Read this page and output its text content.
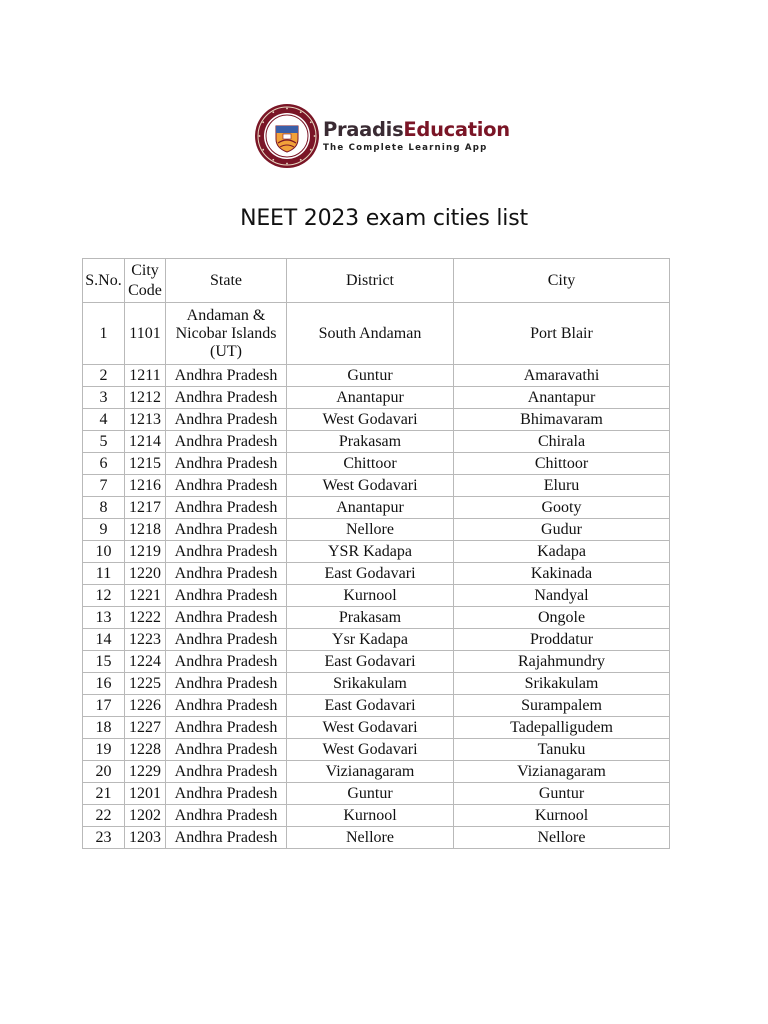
PraadisEducation
The Complete Learning App
NEET 2023 exam cities list
S.No.	City Code	State	District	City
1	1101	Andaman & Nicobar Islands (UT)	South Andaman	Port Blair
2	1211	Andhra Pradesh	Guntur	Amaravathi
3	1212	Andhra Pradesh	Anantapur	Anantapur
4	1213	Andhra Pradesh	West Godavari	Bhimavaram
5	1214	Andhra Pradesh	Prakasam	Chirala
6	1215	Andhra Pradesh	Chittoor	Chittoor
7	1216	Andhra Pradesh	West Godavari	Eluru
8	1217	Andhra Pradesh	Anantapur	Gooty
9	1218	Andhra Pradesh	Nellore	Gudur
10	1219	Andhra Pradesh	YSR Kadapa	Kadapa
11	1220	Andhra Pradesh	East Godavari	Kakinada
12	1221	Andhra Pradesh	Kurnool	Nandyal
13	1222	Andhra Pradesh	Prakasam	Ongole
14	1223	Andhra Pradesh	Ysr Kadapa	Proddatur
15	1224	Andhra Pradesh	East Godavari	Rajahmundry
16	1225	Andhra Pradesh	Srikakulam	Srikakulam
17	1226	Andhra Pradesh	East Godavari	Surampalem
18	1227	Andhra Pradesh	West Godavari	Tadepalligudem
19	1228	Andhra Pradesh	West Godavari	Tanuku
20	1229	Andhra Pradesh	Vizianagaram	Vizianagaram
21	1201	Andhra Pradesh	Guntur	Guntur
22	1202	Andhra Pradesh	Kurnool	Kurnool
23	1203	Andhra Pradesh	Nellore	Nellore
